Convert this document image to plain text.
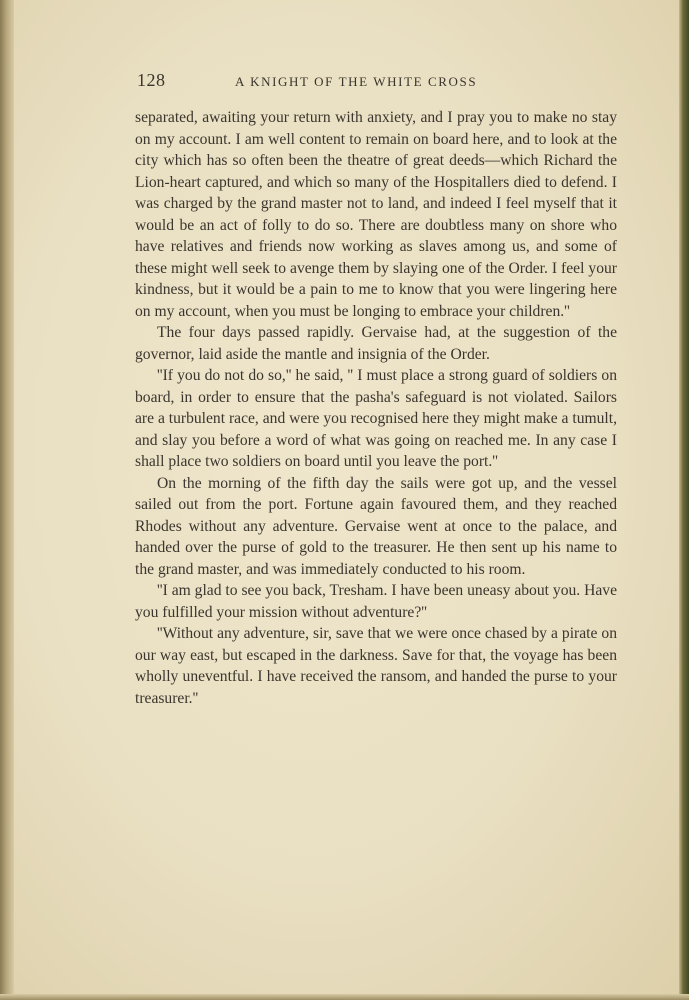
128	A KNIGHT OF THE WHITE CROSS

separated, awaiting your return with anxiety, and I pray you to make no stay on my account. I am well content to remain on board here, and to look at the city which has so often been the theatre of great deeds—which Richard the Lion-heart captured, and which so many of the Hospitallers died to defend. I was charged by the grand master not to land, and indeed I feel myself that it would be an act of folly to do so. There are doubtless many on shore who have relatives and friends now working as slaves among us, and some of these might well seek to avenge them by slaying one of the Order. I feel your kindness, but it would be a pain to me to know that you were lingering here on my account, when you must be longing to embrace your children.''

The four days passed rapidly. Gervaise had, at the suggestion of the governor, laid aside the mantle and insignia of the Order.

''If you do not do so,'' he said, '' I must place a strong guard of soldiers on board, in order to ensure that the pasha's safeguard is not violated. Sailors are a turbulent race, and were you recognised here they might make a tumult, and slay you before a word of what was going on reached me. In any case I shall place two soldiers on board until you leave the port.''

On the morning of the fifth day the sails were got up, and the vessel sailed out from the port. Fortune again favoured them, and they reached Rhodes without any adventure. Gervaise went at once to the palace, and handed over the purse of gold to the treasurer. He then sent up his name to the grand master, and was immediately conducted to his room.

''I am glad to see you back, Tresham. I have been uneasy about you. Have you fulfilled your mission without adventure?''

''Without any adventure, sir, save that we were once chased by a pirate on our way east, but escaped in the darkness. Save for that, the voyage has been wholly uneventful. I have received the ransom, and handed the purse to your treasurer.''
